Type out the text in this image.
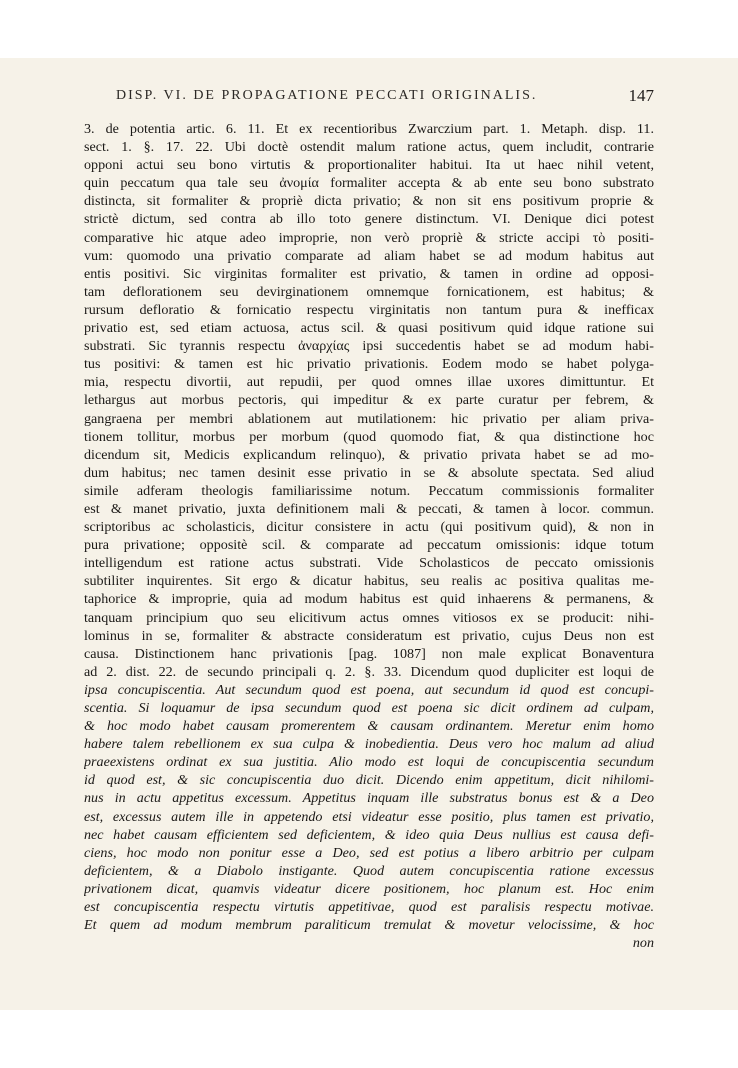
DISP. VI. DE PROPAGATIONE PECCATI ORIGINALIS.	147
3. de potentia artic. 6. 11. Et ex recentioribus Zwarczium part. 1. Metaph. disp. 11.
sect. 1. §. 17. 22. Ubi doctè ostendit malum ratione actus, quem includit, contrarie
opponi actui seu bono virtutis & proportionaliter habitui. Ita ut haec nihil vetent,
quin peccatum qua tale seu ἀνομία formaliter accepta & ab ente seu bono substrato
distincta, sit formaliter & propriè dicta privatio; & non sit ens positivum proprie &
strictè dictum, sed contra ab illo toto genere distinctum. VI. Denique dici potest
comparative hic atque adeo improprie, non verò propriè & stricte accipi τὸ positi-
vum: quomodo una privatio comparate ad aliam habet se ad modum habitus aut
entis positivi. Sic virginitas formaliter est privatio, & tamen in ordine ad opposi-
tam deflorationem seu devirginationem omnemque fornicationem, est habitus; &
rursum defloratio & fornicatio respectu virginitatis non tantum pura & inefficax
privatio est, sed etiam actuosa, actus scil. & quasi positivum quid idque ratione sui
substrati. Sic tyrannis respectu ἀναρχίας ipsi succedentis habet se ad modum habi-
tus positivi: & tamen est hic privatio privationis. Eodem modo se habet polyga-
mia, respectu divortii, aut repudii, per quod omnes illae uxores dimittuntur. Et
lethargus aut morbus pectoris, qui impeditur & ex parte curatur per febrem, &
gangraena per membri ablationem aut mutilationem: hic privatio per aliam priva-
tionem tollitur, morbus per morbum (quod quomodo fiat, & qua distinctione hoc
dicendum sit, Medicis explicandum relinquo), & privatio privata habet se ad mo-
dum habitus; nec tamen desinit esse privatio in se & absolute spectata. Sed aliud
simile adferam theologis familiarissime notum. Peccatum commissionis formaliter
est & manet privatio, juxta definitionem mali & peccati, & tamen à locor. commun.
scriptoribus ac scholasticis, dicitur consistere in actu (qui positivum quid), & non in
pura privatione; oppositè scil. & comparate ad peccatum omissionis: idque totum
intelligendum est ratione actus substrati. Vide Scholasticos de peccato omissionis
subtiliter inquirentes. Sit ergo & dicatur habitus, seu realis ac positiva qualitas me-
taphorice & improprie, quia ad modum habitus est quid inhaerens & permanens, &
tanquam principium quo seu elicitivum actus omnes vitiosos ex se producit: nihi-
lominus in se, formaliter & abstracte consideratum est privatio, cujus Deus non est
causa. Distinctionem hanc privationis [pag. 1087] non male explicat Bonaventura
ad 2. dist. 22. de secundo principali q. 2. §. 33. Dicendum quod dupliciter est loqui de
ipsa concupiscentia. Aut secundum quod est poena, aut secundum id quod est concupi-
scentia. Si loquamur de ipsa secundum quod est poena sic dicit ordinem ad culpam,
& hoc modo habet causam promerentem & causam ordinantem. Meretur enim homo
habere talem rebellionem ex sua culpa & inobedientia. Deus vero hoc malum ad aliud
praeexistens ordinat ex sua justitia. Alio modo est loqui de concupiscentia secundum
id quod est, & sic concupiscentia duo dicit. Dicendo enim appetitum, dicit nihilomi-
nus in actu appetitus excessum. Appetitus inquam ille substratus bonus est & a Deo
est, excessus autem ille in appetendo etsi videatur esse positio, plus tamen est privatio,
nec habet causam efficientem sed deficientem, & ideo quia Deus nullius est causa defi-
ciens, hoc modo non ponitur esse a Deo, sed est potius a libero arbitrio per culpam
deficientem, & a Diabolo instigante. Quod autem concupiscentia ratione excessus
privationem dicat, quamvis videatur dicere positionem, hoc planum est. Hoc enim
est concupiscentia respectu virtutis appetitivae, quod est paralisis respectu motivae.
Et quem ad modum membrum paraliticum tremulat & movetur velocissime, & hoc
non
